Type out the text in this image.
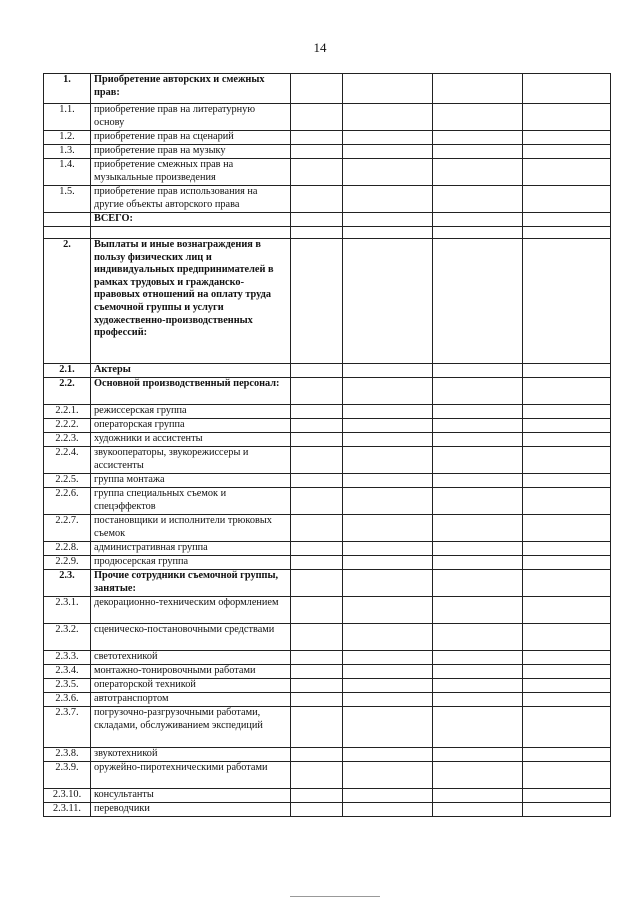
14
1.	Приобретение авторских и смежных прав:				
1.1.	приобретение прав на литературную основу				
1.2.	приобретение прав на сценарий				
1.3.	приобретение прав на музыку				
1.4.	приобретение смежных прав на музыкальные произведения				
1.5.	приобретение прав использования на другие объекты авторского права				
	ВСЕГО:				

2.	Выплаты и иные вознаграждения в пользу физических лиц и индивидуальных предпринимателей в рамках трудовых и гражданско-правовых отношений на оплату труда съемочной группы и услуги художественно-производственных профессий:				
2.1.	Актеры				
2.2.	Основной производственный персонал:				
2.2.1.	режиссерская группа				
2.2.2.	операторская группа				
2.2.3.	художники и ассистенты				
2.2.4.	звукооператоры, звукорежиссеры и ассистенты				
2.2.5.	группа монтажа				
2.2.6.	группа специальных съемок и спецэффектов				
2.2.7.	постановщики и исполнители трюковых съемок				
2.2.8.	административная группа				
2.2.9.	продюсерская группа				
2.3.	Прочие сотрудники съемочной группы, занятые:				
2.3.1.	декорационно-техническим оформлением				
2.3.2.	сценическо-постановочными средствами				
2.3.3.	светотехникой				
2.3.4.	монтажно-тонировочными работами				
2.3.5.	операторской техникой				
2.3.6.	автотранспортом				
2.3.7.	погрузочно-разгрузочными работами, складами, обслуживанием экспедиций				
2.3.8.	звукотехникой				
2.3.9.	оружейно-пиротехническими работами				
2.3.10.	консультанты				
2.3.11.	переводчики				
